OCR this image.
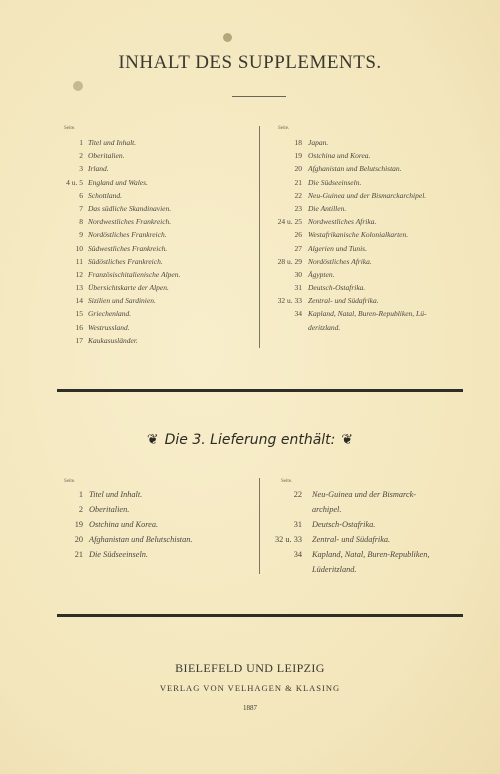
INHALT DES SUPPLEMENTS.
Seite.
1 Titel und Inhalt.
2 Oberitalien.
3 Irland.
4 u. 5 England und Wales.
6 Schottland.
7 Das südliche Skandinavien.
8 Nordwestliches Frankreich.
9 Nordöstliches Frankreich.
10 Südwestliches Frankreich.
11 Südöstliches Frankreich.
12 Französischitalienische Alpen.
13 Übersichtskarte der Alpen.
14 Sizilien und Sardinien.
15 Griechenland.
16 Westrussland.
17 Kaukasusländer.
Seite.
18 Japan.
19 Ostchina und Korea.
20 Afghanistan und Belutschistan.
21 Die Südseeinseln.
22 Neu-Guinea und der Bismarckarchipel.
23 Die Antillen.
24 u. 25 Nordwestliches Afrika.
26 Westafrikanische Kolonialkarten.
27 Algerien und Tunis.
28 u. 29 Nordöstliches Afrika.
30 Ägypten.
31 Deutsch-Ostafrika.
32 u. 33 Zentral- und Südafrika.
34 Kapland, Natal, Buren-Republiken, Lü-
deritzland.
❦ Die 3. Lieferung enthält: ❦
Seite.
1 Titel und Inhalt.
2 Oberitalien.
19 Ostchina und Korea.
20 Afghanistan und Belutschistan.
21 Die Südseeinseln.
Seite.
22 Neu-Guinea und der Bismarck-
archipel.
31 Deutsch-Ostafrika.
32 u. 33 Zentral- und Südafrika.
34 Kapland, Natal, Buren-Republiken,
Lüderitzland.
BIELEFELD UND LEIPZIG
VERLAG VON VELHAGEN & KLASING
1887
